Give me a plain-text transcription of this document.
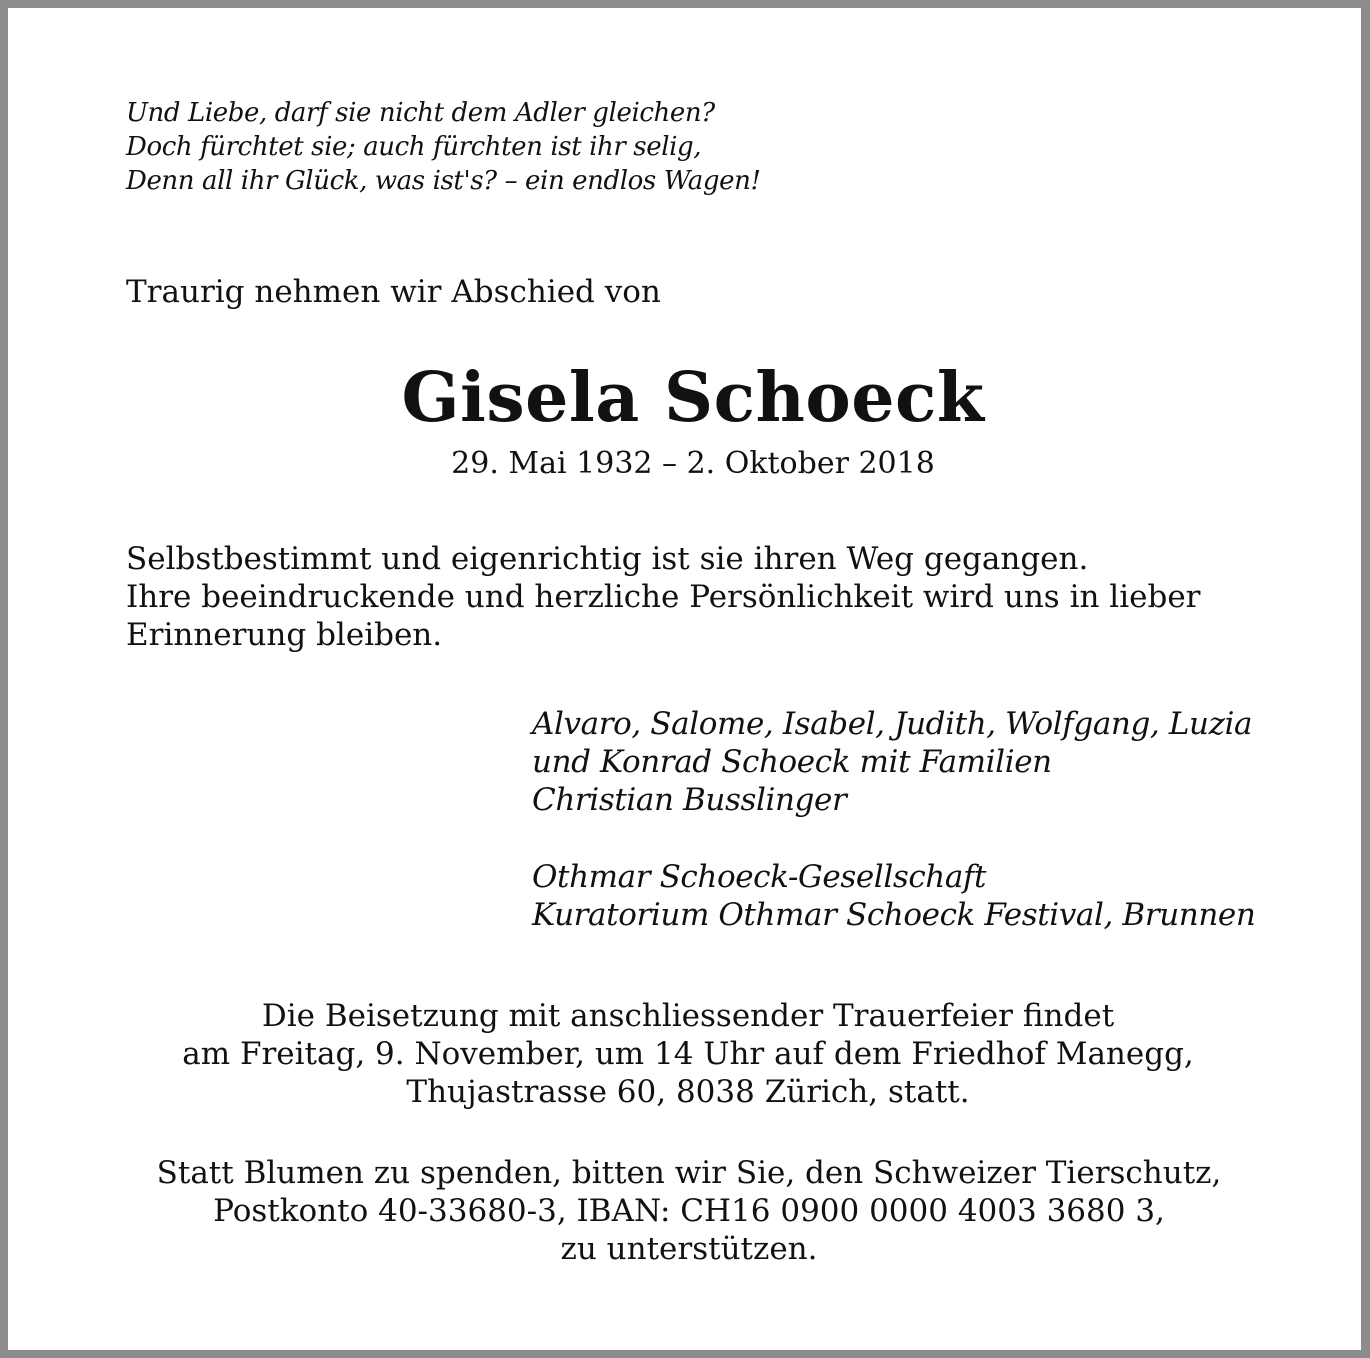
Und Liebe, darf sie nicht dem Adler gleichen?
Doch fürchtet sie; auch fürchten ist ihr selig,
Denn all ihr Glück, was ist's? – ein endlos Wagen!
Traurig nehmen wir Abschied von
Gisela Schoeck
29. Mai 1932 – 2. Oktober 2018
Selbstbestimmt und eigenrichtig ist sie ihren Weg gegangen.
Ihre beeindruckende und herzliche Persönlichkeit wird uns in lieber
Erinnerung bleiben.
Alvaro, Salome, Isabel, Judith, Wolfgang, Luzia
und Konrad Schoeck mit Familien
Christian Busslinger
Othmar Schoeck-Gesellschaft
Kuratorium Othmar Schoeck Festival, Brunnen
Die Beisetzung mit anschliessender Trauerfeier findet
am Freitag, 9. November, um 14 Uhr auf dem Friedhof Manegg,
Thujastrasse 60, 8038 Zürich, statt.
Statt Blumen zu spenden, bitten wir Sie, den Schweizer Tierschutz,
Postkonto 40-33680-3, IBAN: CH16 0900 0000 4003 3680 3,
zu unterstützen.
